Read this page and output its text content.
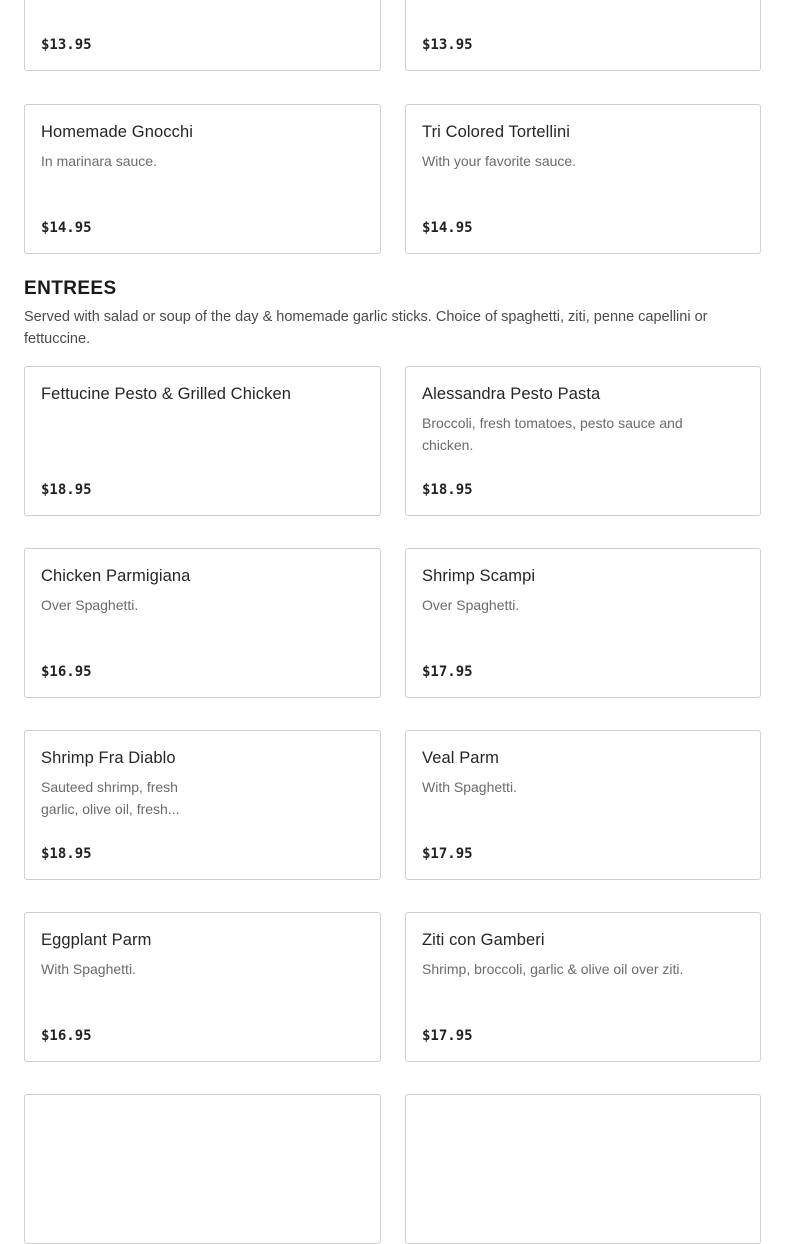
$13.95	$13.95
Homemade Gnocchi
In marinara sauce.
$14.95
Tri Colored Tortellini
With your favorite sauce.
$14.95
ENTREES

Served with salad or soup of the day & homemade garlic sticks. Choice of spaghetti, ziti, penne capellini or fettuccine.

Fettucine Pesto & Grilled Chicken
$18.95
Alessandra Pesto Pasta
Broccoli, fresh tomatoes, pesto sauce and chicken.
$18.95
Chicken Parmigiana
Over Spaghetti.
$16.95
Shrimp Scampi
Over Spaghetti.
$17.95
Shrimp Fra Diablo
Sauteed shrimp, fresh garlic, olive oil, fresh...
$18.95
Veal Parm
With Spaghetti.
$17.95
Eggplant Parm
With Spaghetti.
$16.95
Ziti con Gamberi
Shrimp, broccoli, garlic & olive oil over ziti.
$17.95
